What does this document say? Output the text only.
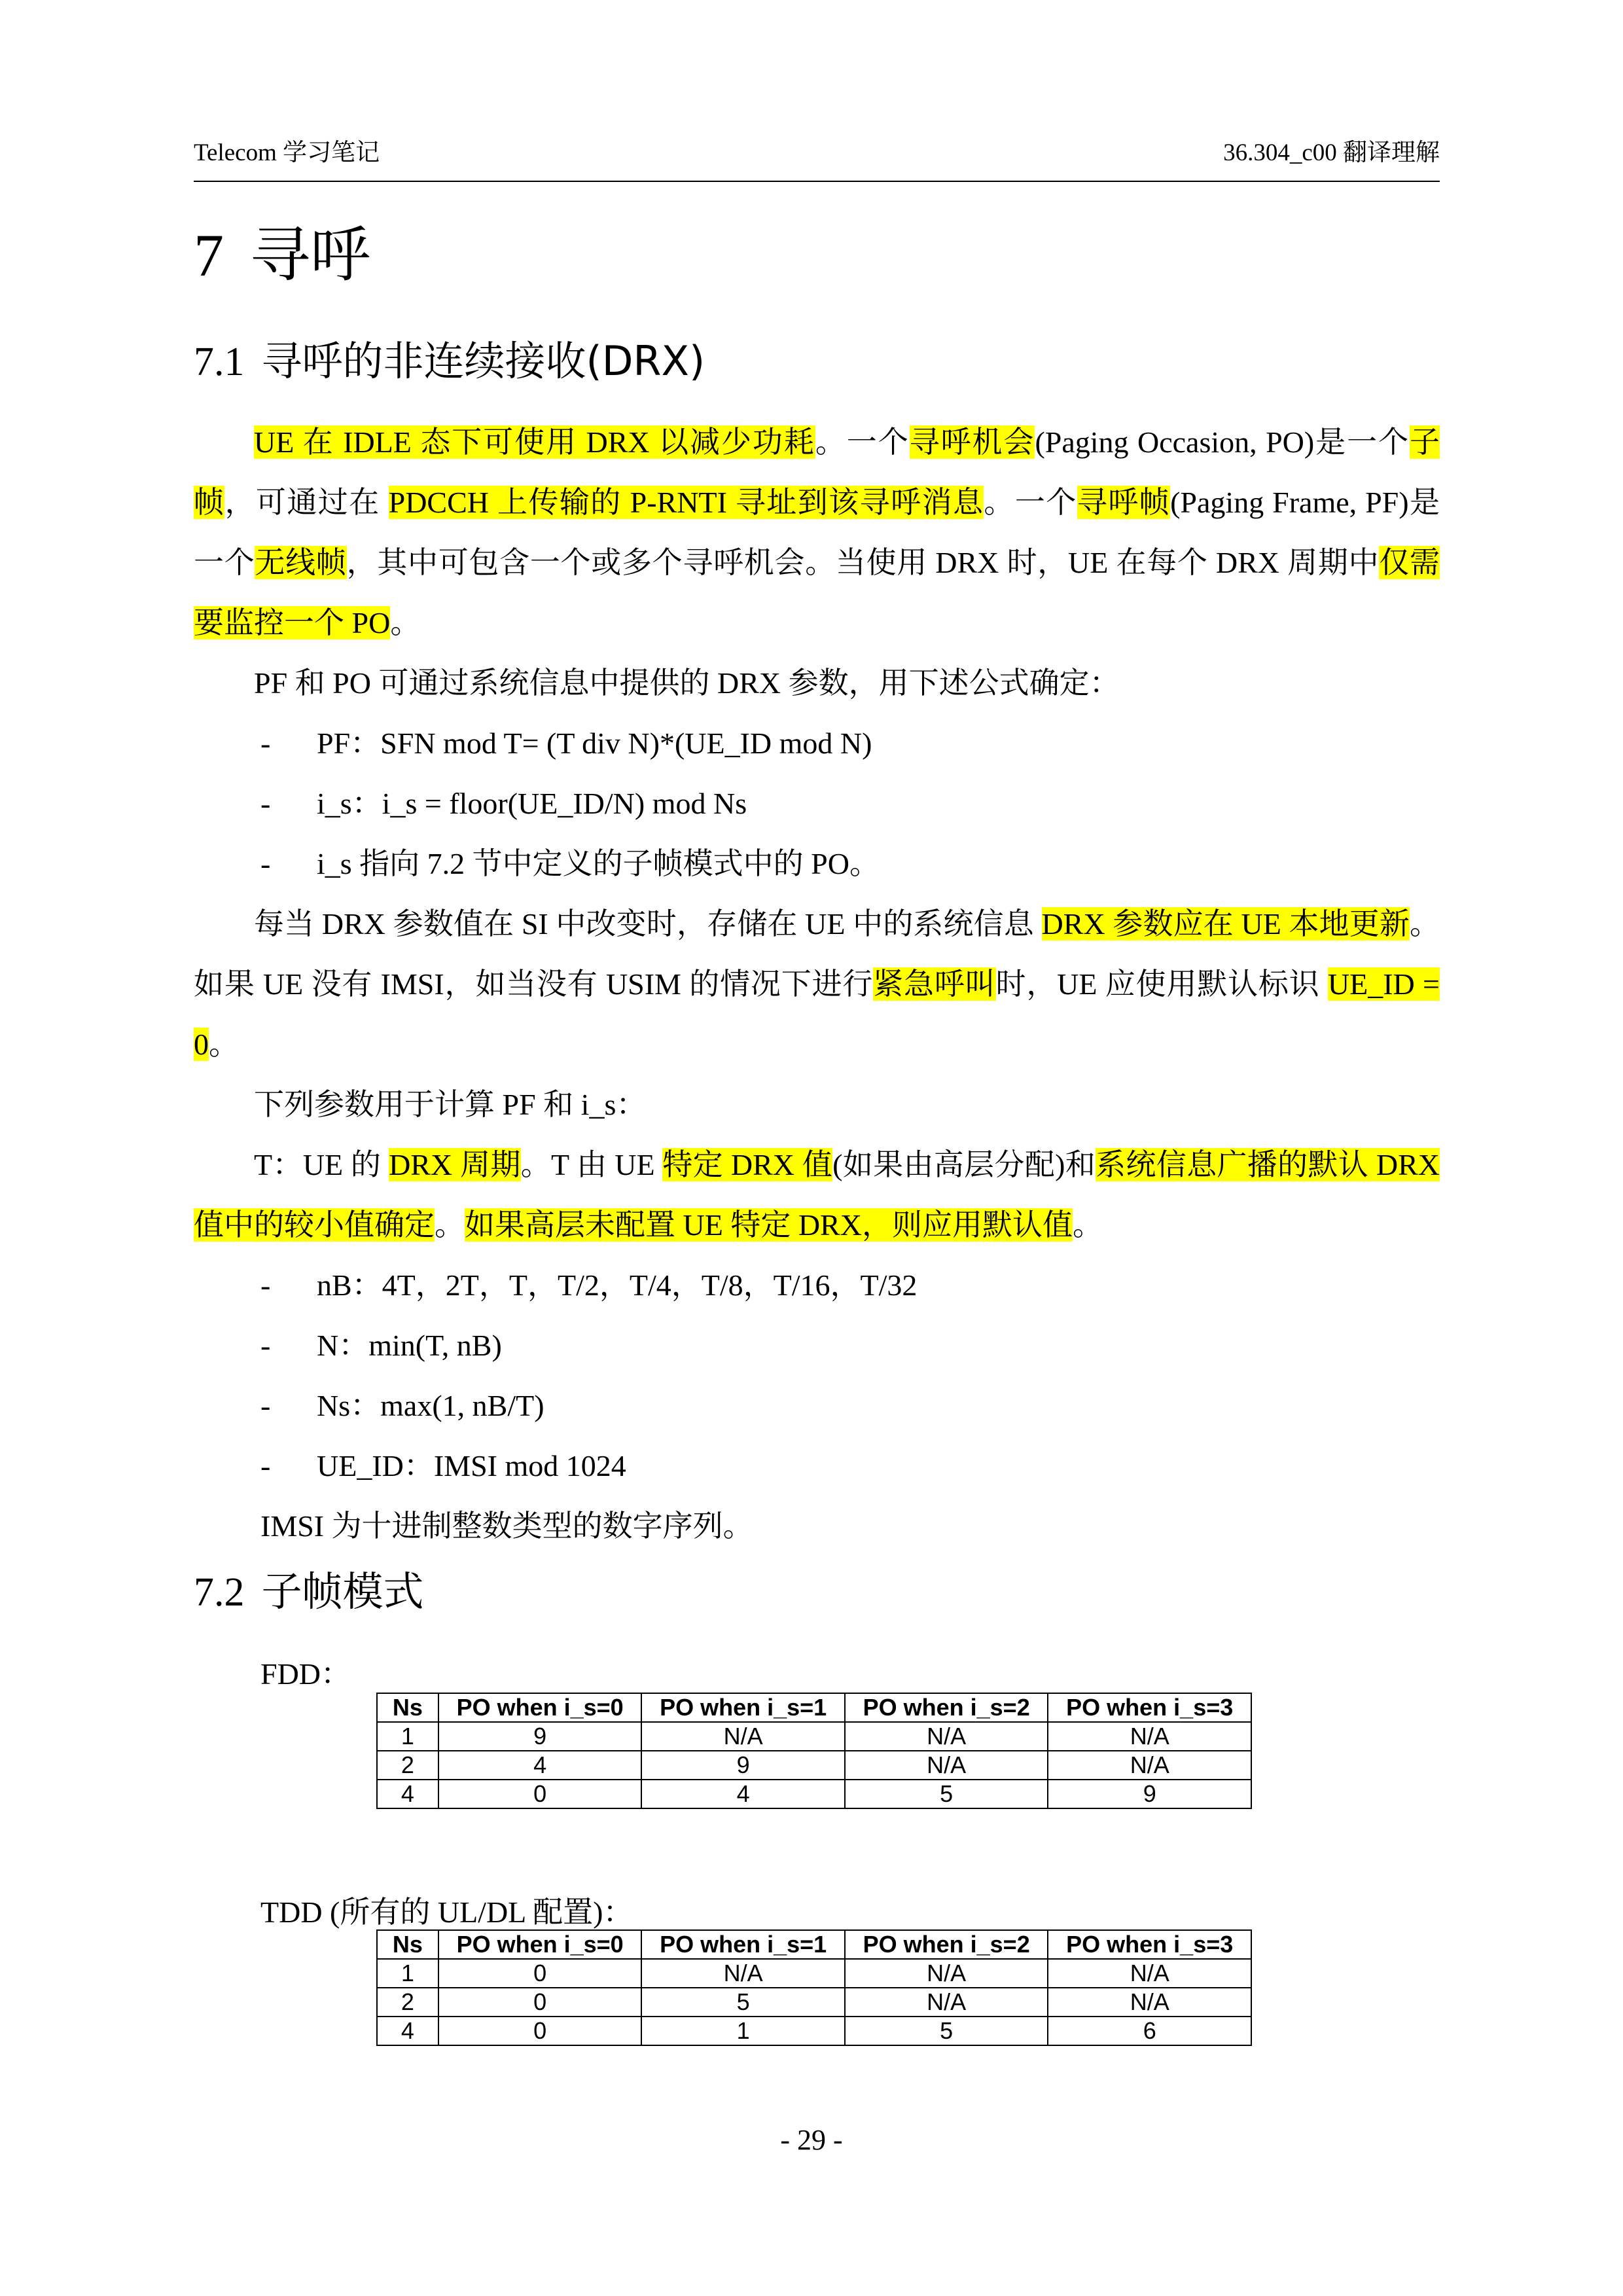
Telecom 学习笔记	36.304_c00 翻译理解
7 寻呼
7.1 寻呼的非连续接收(DRX)

UE 在 IDLE 态下可使用 DRX 以减少功耗。一个寻呼机会(Paging Occasion, PO)是一个子帧，可通过在 PDCCH 上传输的 P-RNTI 寻址到该寻呼消息。一个寻呼帧(Paging Frame, PF)是一个无线帧，其中可包含一个或多个寻呼机会。当使用 DRX 时，UE 在每个 DRX 周期中仅需要监控一个 PO。

PF 和 PO 可通过系统信息中提供的 DRX 参数，用下述公式确定：
- PF：SFN mod T= (T div N)*(UE_ID mod N)
- i_s：i_s = floor(UE_ID/N) mod Ns
- i_s 指向 7.2 节中定义的子帧模式中的 PO。

每当 DRX 参数值在 SI 中改变时，存储在 UE 中的系统信息 DRX 参数应在 UE 本地更新。如果 UE 没有 IMSI，如当没有 USIM 的情况下进行紧急呼叫时，UE 应使用默认标识 UE_ID = 0。

下列参数用于计算 PF 和 i_s：

T：UE 的 DRX 周期。T 由 UE 特定 DRX 值(如果由高层分配)和系统信息广播的默认 DRX 值中的较小值确定。如果高层未配置 UE 特定 DRX，则应用默认值。

- nB：4T，2T，T，T/2，T/4，T/8，T/16，T/32
- N：min(T, nB)
- Ns：max(1, nB/T)
- UE_ID：IMSI mod 1024
IMSI 为十进制整数类型的数字序列。
7.2 子帧模式
FDD：
Ns	PO when i_s=0	PO when i_s=1	PO when i_s=2	PO when i_s=3
1	9	N/A	N/A	N/A
2	4	9	N/A	N/A
4	0	4	5	9
TDD (所有的 UL/DL 配置)：
Ns	PO when i_s=0	PO when i_s=1	PO when i_s=2	PO when i_s=3
1	0	N/A	N/A	N/A
2	0	5	N/A	N/A
4	0	1	5	6
- 29 -
